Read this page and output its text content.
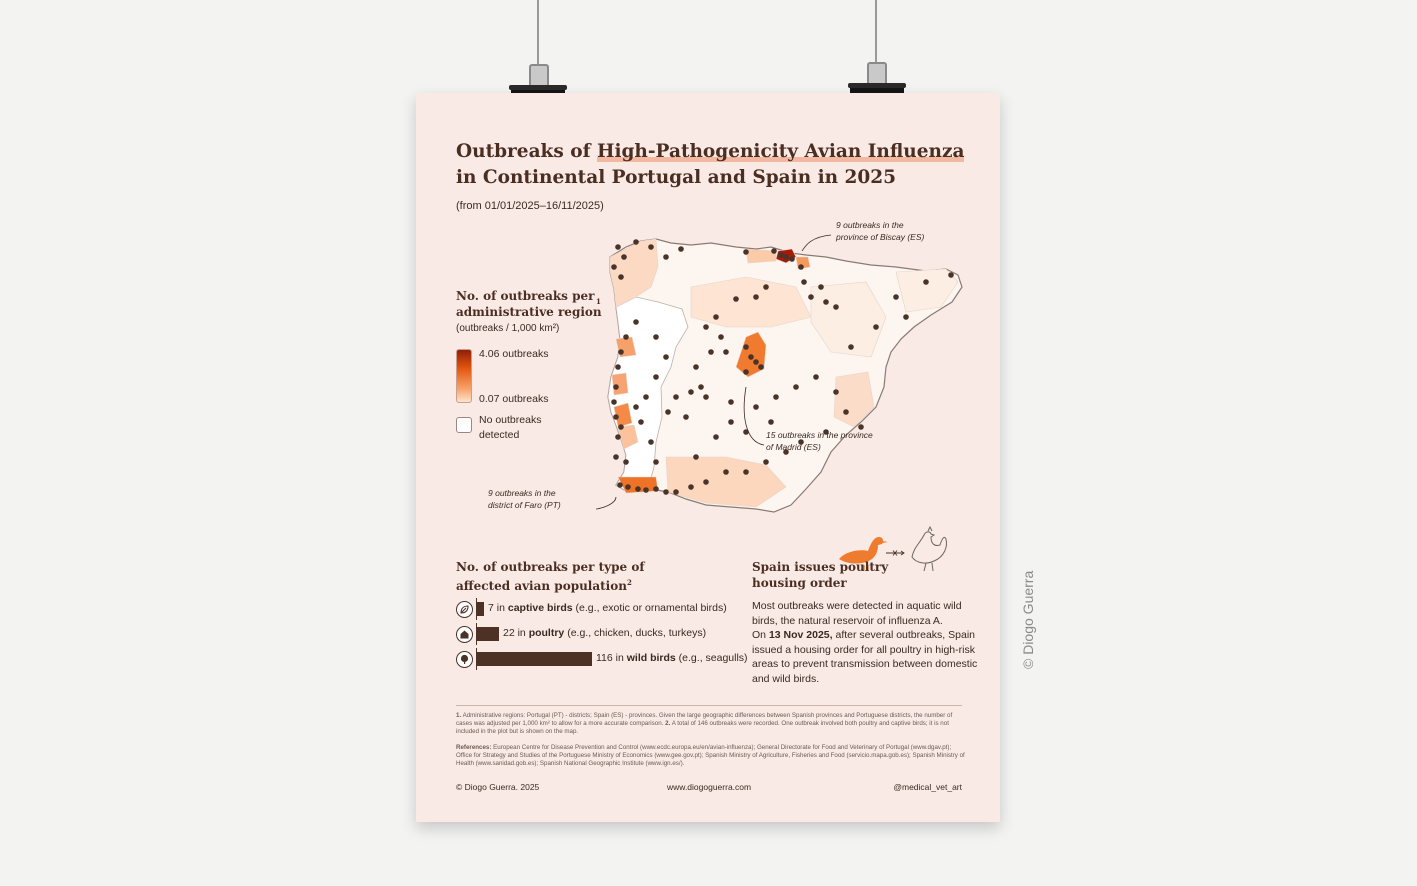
Outbreaks of High-Pathogenicity Avian Influenza
in Continental Portugal and Spain in 2025
(from 01/01/2025–16/11/2025)
No. of outbreaks per administrative region
1
(outbreaks / 1,000 km²)
4.06 outbreaks
0.07 outbreaks
No outbreaks detected
9 outbreaks in the province of Biscay (ES)
15 outbreaks in the province of Madrid (ES)
9 outbreaks in the district of Faro (PT)
No. of outbreaks per type of affected avian population$^2$
7 in captive birds (e.g., exotic or ornamental birds)
22 in poultry (e.g., chicken, ducks, turkeys)
116 in wild birds (e.g., seagulls)
Spain issues poultry housing order
Most outbreaks were detected in aquatic wild birds, the natural reservoir of influenza A.
On 13 Nov 2025, after several outbreaks, Spain issued a housing order for all poultry in high-risk areas to prevent transmission between domestic and wild birds.
1. Administrative regions: Portugal (PT) - districts; Spain (ES) - provinces. Given the large geographic differences between Spanish provinces and Portuguese districts, the number of cases was adjusted per 1,000 km² to allow for a more accurate comparison. 2. A total of 146 outbreaks were recorded. One outbreak involved both poultry and captive birds; it is not included in the plot but is shown on the map.
References: European Centre for Disease Prevention and Control (www.ecdc.europa.eu/en/avian-influenza); General Directorate for Food and Veterinary of Portugal (www.dgav.pt); Office for Strategy and Studies of the Portuguese Ministry of Economics (www.gee.gov.pt); Spanish Ministry of Agriculture, Fisheries and Food (servicio.mapa.gob.es); Spanish Ministry of Health (www.sanidad.gob.es); Spanish National Geographic Institute (www.ign.es/).
© Diogo Guerra. 2025	www.diogoguerra.com	@medical_vet_art
© Diogo Guerra
